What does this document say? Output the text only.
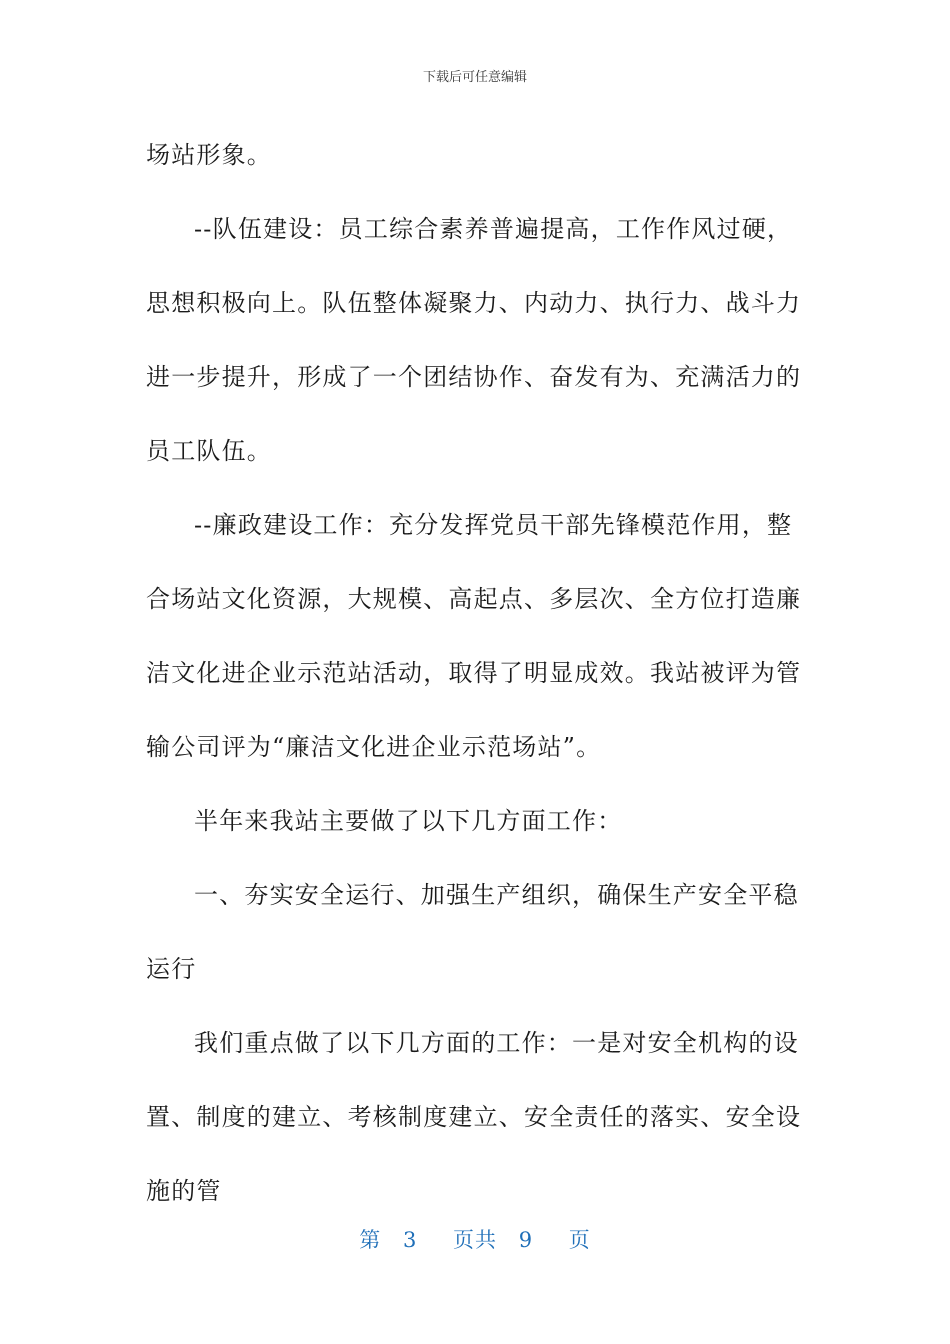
下载后可任意编辑

场站形象。

--队伍建设：员工综合素养普遍提高，工作作风过硬，思想积极向上。队伍整体凝聚力、内动力、执行力、战斗力进一步提升，形成了一个团结协作、奋发有为、充满活力的员工队伍。

--廉政建设工作：充分发挥党员干部先锋模范作用，整合场站文化资源，大规模、高起点、多层次、全方位打造廉洁文化进企业示范站活动，取得了明显成效。我站被评为管输公司评为“廉洁文化进企业示范场站”。

半年来我站主要做了以下几方面工作：

一、夯实安全运行、加强生产组织，确保生产安全平稳运行

我们重点做了以下几方面的工作：一是对安全机构的设置、制度的建立、考核制度建立、安全责任的落实、安全设施的管

第 3 页共 9 页
